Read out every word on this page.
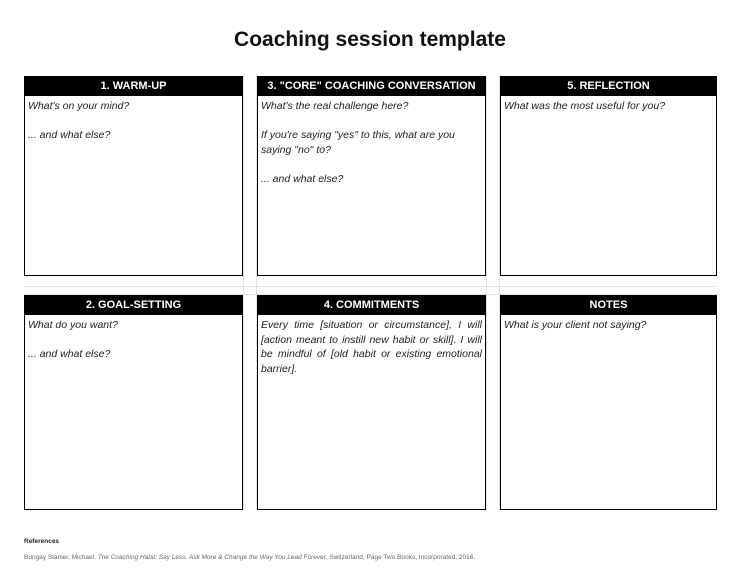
Coaching session template
1. WARM-UP

What's on your mind?

... and what else?

3. "CORE" COACHING CONVERSATION

What's the real challenge here?

If you're saying "yes" to this, what are you saying "no" to?

... and what else?

5. REFLECTION

What was the most useful for you?

2. GOAL-SETTING

What do you want?

... and what else?

4. COMMITMENTS

Every time [situation or circumstance], I will [action meant to instill new habit or skill]. I will be mindful of [old habit or existing emotional barrier].

NOTES

What is your client not saying?

References
Bungay Stanier, Michael. The Coaching Habit: Say Less, Ask More & Change the Way You Lead Forever. Switzerland, Page Two Books, Incorporated, 2016.
